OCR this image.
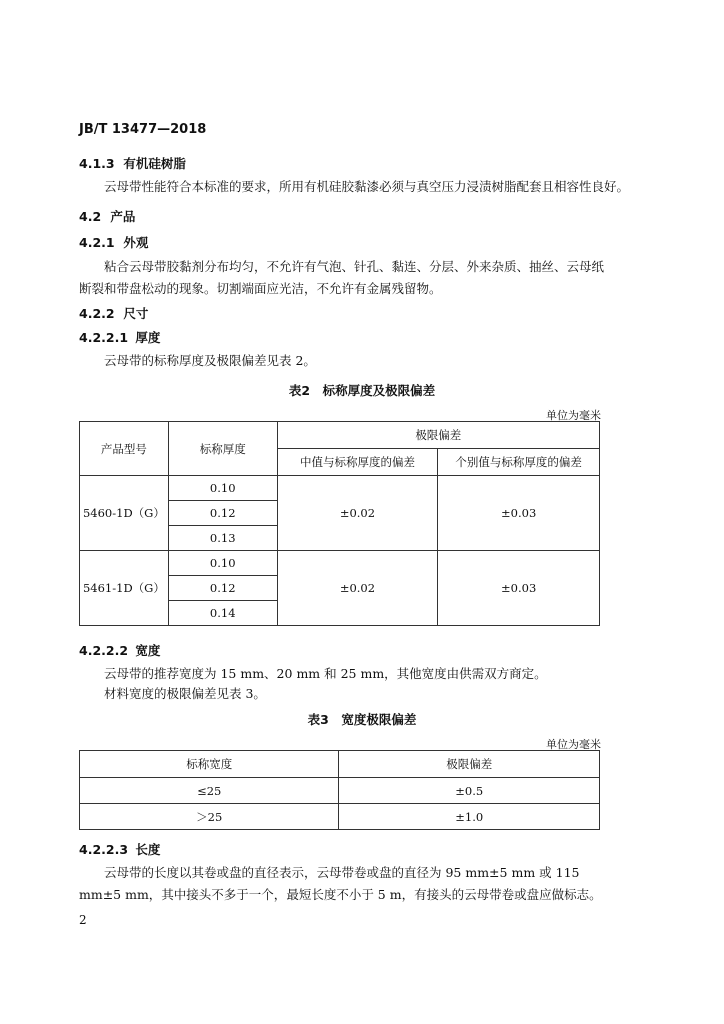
JB/T 13477—2018
4.1.3 有机硅树脂
云母带性能符合本标准的要求，所用有机硅胶黏漆必须与真空压力浸渍树脂配套且相容性良好。
4.2 产品
4.2.1 外观
粘合云母带胶黏剂分布均匀，不允许有气泡、针孔、黏连、分层、外来杂质、抽丝、云母纸断裂和带盘松动的现象。切割端面应光洁，不允许有金属残留物。
4.2.2 尺寸
4.2.2.1 厚度
云母带的标称厚度及极限偏差见表 2。
表2　标称厚度及极限偏差
单位为毫米
产品型号	标称厚度	极限偏差	
		中值与标称厚度的偏差	个别值与标称厚度的偏差
5460-1D（G）	0.10	±0.02	±0.03
	0.12		
	0.13		
5461-1D（G）	0.10	±0.02	±0.03
	0.12		
	0.14		
4.2.2.2 宽度
云母带的推荐宽度为 15 mm、20 mm 和 25 mm，其他宽度由供需双方商定。
材料宽度的极限偏差见表 3。
表3　宽度极限偏差
单位为毫米
标称宽度	极限偏差
≤25	±0.5
＞25	±1.0
4.2.2.3 长度
云母带的长度以其卷或盘的直径表示，云母带卷或盘的直径为 95 mm±5 mm 或 115 mm±5 mm，其中接头不多于一个，最短长度不小于 5 m，有接头的云母带卷或盘应做标志。
2
